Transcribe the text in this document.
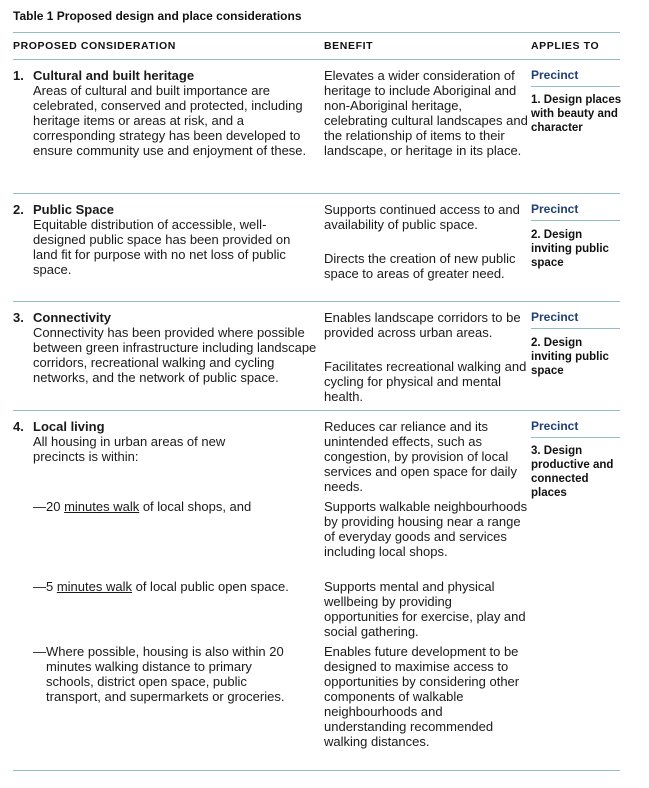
Table 1 Proposed design and place considerations
PROPOSED CONSIDERATION	BENEFIT	APPLIES TO
1. Cultural and built heritage

Areas of cultural and built importance are celebrated, conserved and protected, including heritage items or areas at risk, and a corresponding strategy has been developed to ensure community use and enjoyment of these.

Elevates a wider consideration of heritage to include Aboriginal and non-Aboriginal heritage, celebrating cultural landscapes and the relationship of items to their landscape, or heritage in its place.

Precinct
1. Design places with beauty and character
2. Public Space

Equitable distribution of accessible, well-designed public space has been provided on land fit for purpose with no net loss of public space.

Supports continued access to and availability of public space.

Directs the creation of new public space to areas of greater need.

Precinct
2. Design inviting public space
3. Connectivity

Connectivity has been provided where possible between green infrastructure including landscape corridors, recreational walking and cycling networks, and the network of public space.

Enables landscape corridors to be provided across urban areas.

Facilitates recreational walking and cycling for physical and mental health.

Precinct
2. Design inviting public space
4. Local living

All housing in urban areas of new precincts is within:

— 20 minutes walk of local shops, and
— 5 minutes walk of local public open space.
— Where possible, housing is also within 20 minutes walking distance to primary schools, district open space, public transport, and supermarkets or groceries.

Reduces car reliance and its unintended effects, such as congestion, by provision of local services and open space for daily needs.

Supports walkable neighbourhoods by providing housing near a range of everyday goods and services including local shops.

Supports mental and physical wellbeing by providing opportunities for exercise, play and social gathering.

Enables future development to be designed to maximise access to opportunities by considering other components of walkable neighbourhoods and understanding recommended walking distances.

Precinct
3. Design productive and connected places
